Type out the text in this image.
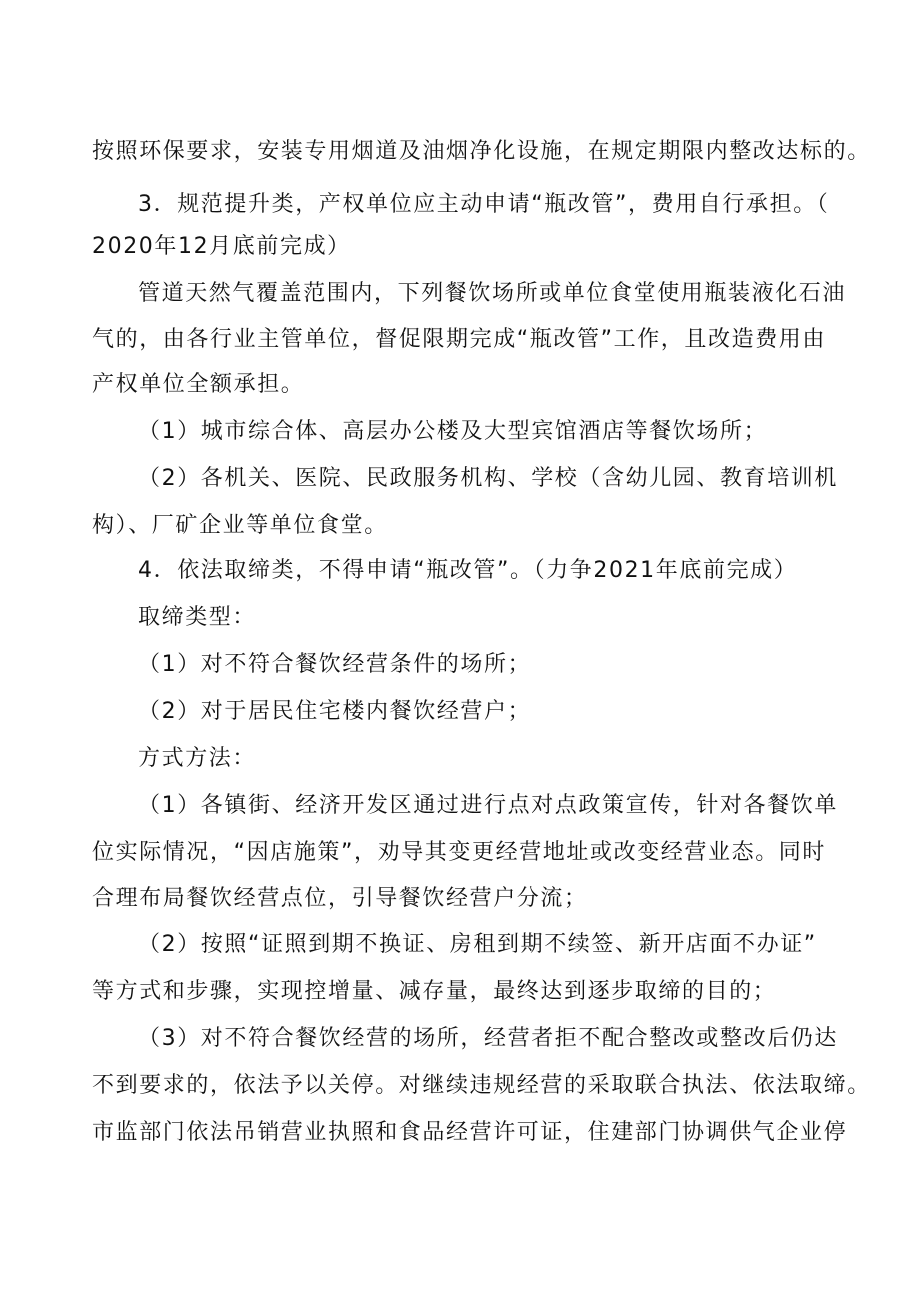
按照环保要求，安装专用烟道及油烟净化设施，在规定期限内整改达标的。
3．规范提升类，产权单位应主动申请“瓶改管”，费用自行承担。（
2020年12月底前完成）
管道天然气覆盖范围内，下列餐饮场所或单位食堂使用瓶装液化石油
气的，由各行业主管单位，督促限期完成“瓶改管”工作，且改造费用由
产权单位全额承担。
（1）城市综合体、高层办公楼及大型宾馆酒店等餐饮场所；
（2）各机关、医院、民政服务机构、学校（含幼儿园、教育培训机
构）、厂矿企业等单位食堂。
4．依法取缔类，不得申请“瓶改管”。（力争2021年底前完成）
取缔类型：
（1）对不符合餐饮经营条件的场所；
（2）对于居民住宅楼内餐饮经营户；
方式方法：
（1）各镇街、经济开发区通过进行点对点政策宣传，针对各餐饮单
位实际情况，“因店施策”，劝导其变更经营地址或改变经营业态。同时
合理布局餐饮经营点位，引导餐饮经营户分流；
（2）按照“证照到期不换证、房租到期不续签、新开店面不办证”
等方式和步骤，实现控增量、减存量，最终达到逐步取缔的目的；
（3）对不符合餐饮经营的场所，经营者拒不配合整改或整改后仍达
不到要求的，依法予以关停。对继续违规经营的采取联合执法、依法取缔。
市监部门依法吊销营业执照和食品经营许可证，住建部门协调供气企业停
